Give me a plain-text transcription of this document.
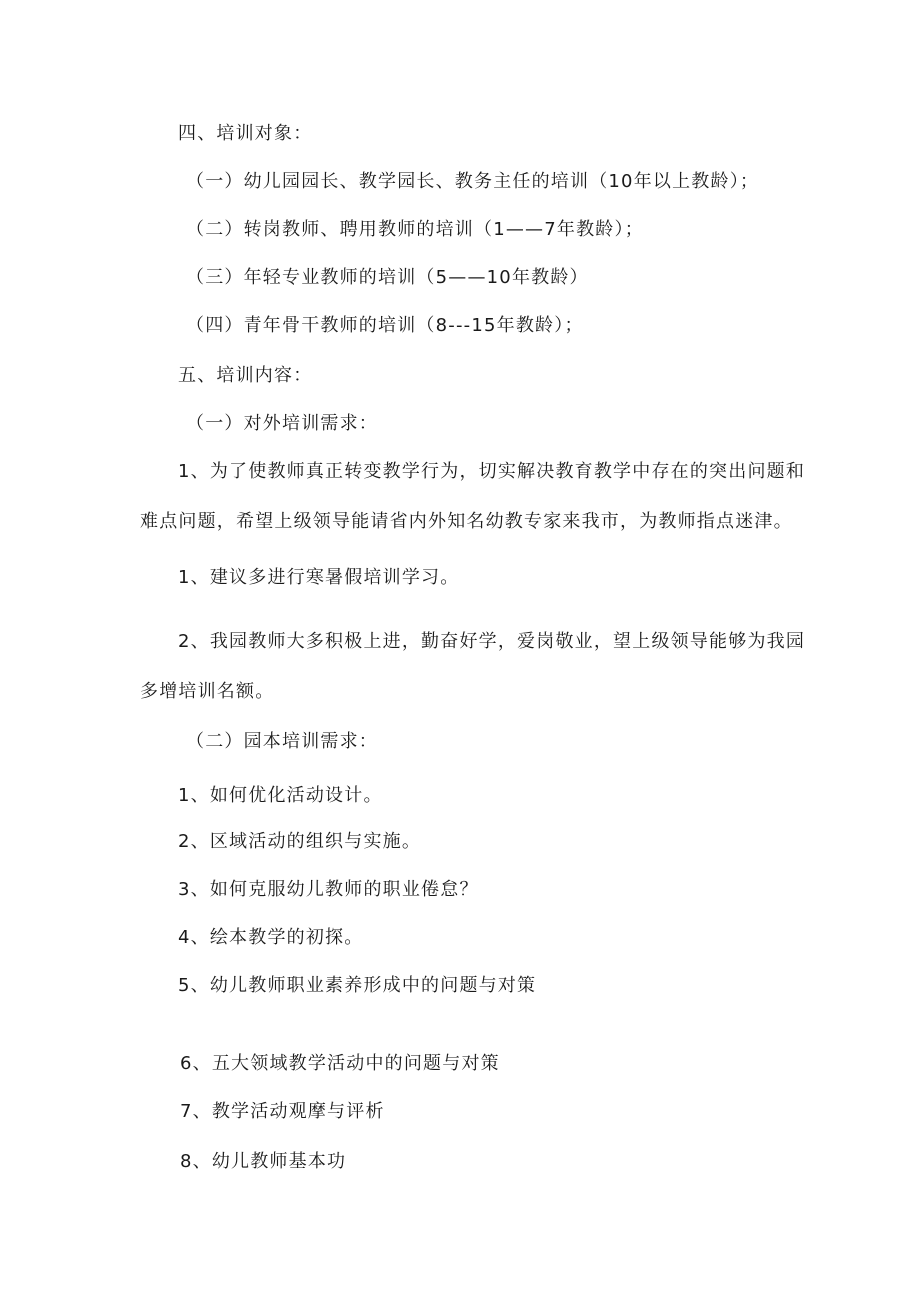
四、培训对象：
（一）幼儿园园长、教学园长、教务主任的培训（10年以上教龄）；
（二）转岗教师、聘用教师的培训（1——7年教龄）；
（三）年轻专业教师的培训（5——10年教龄）
（四）青年骨干教师的培训（8---15年教龄）；
五、培训内容：
（一）对外培训需求：
1、为了使教师真正转变教学行为，切实解决教育教学中存在的突出问题和
难点问题，希望上级领导能请省内外知名幼教专家来我市，为教师指点迷津。
1、建议多进行寒暑假培训学习。
2、我园教师大多积极上进，勤奋好学，爱岗敬业，望上级领导能够为我园
多增培训名额。
（二）园本培训需求：
1、如何优化活动设计。
2、区域活动的组织与实施。
3、如何克服幼儿教师的职业倦怠？
4、绘本教学的初探。
5、幼儿教师职业素养形成中的问题与对策
6、五大领域教学活动中的问题与对策
7、教学活动观摩与评析
8、幼儿教师基本功
